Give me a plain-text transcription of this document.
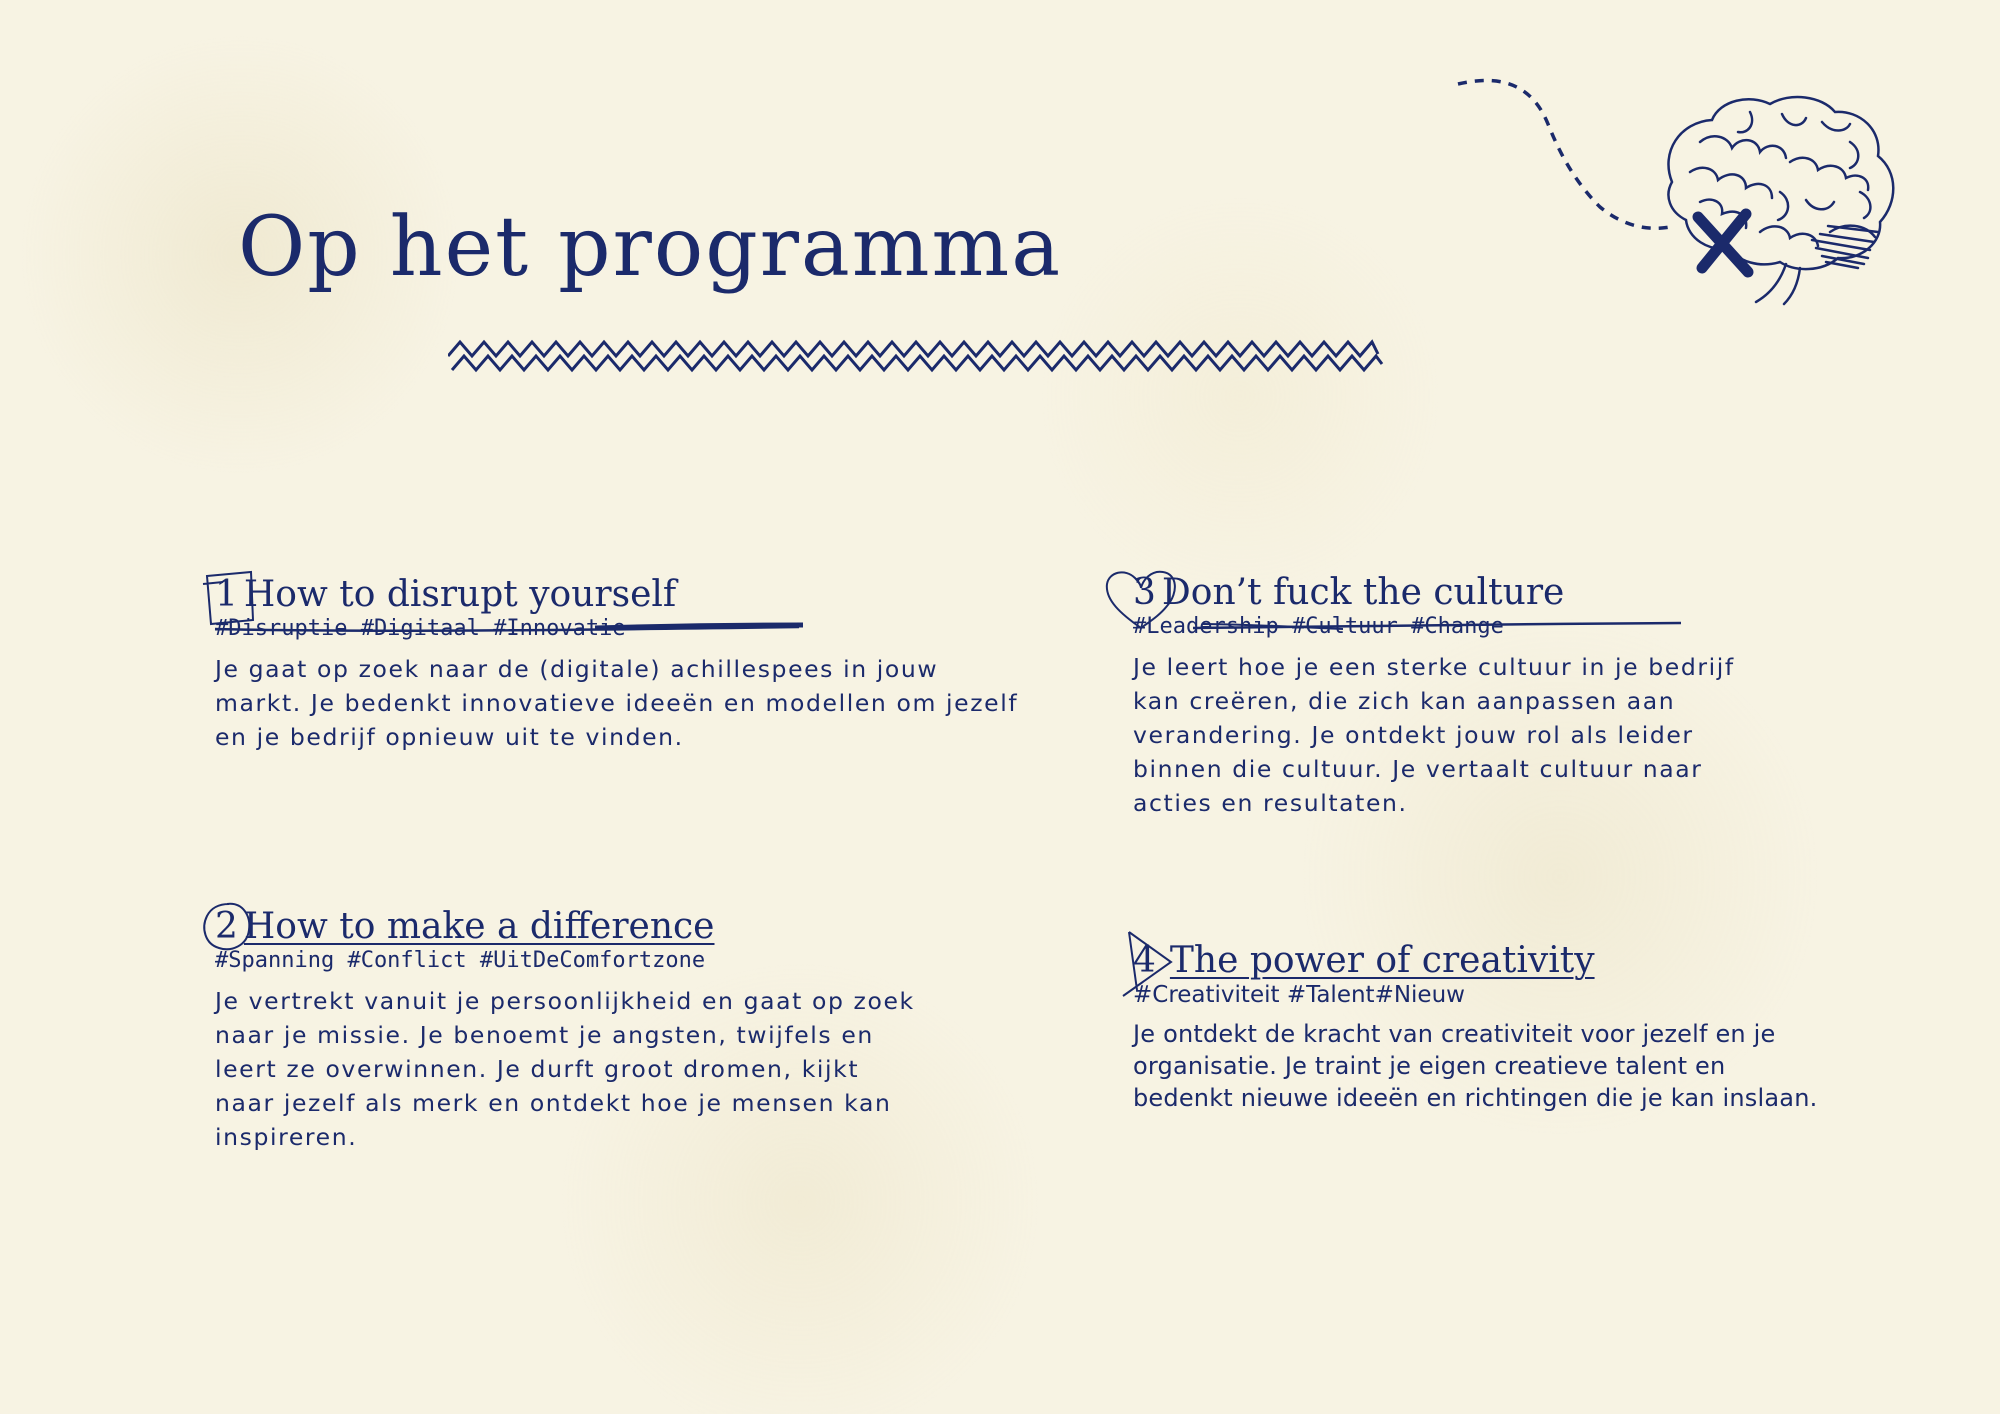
Op het programma
1 How to disrupt yourself
#Disruptie #Digitaal #Innovatie

Je gaat op zoek naar de (digitale) achillespees in jouw
markt. Je bedenkt innovatieve ideeën en modellen om jezelf
en je bedrijf opnieuw uit te vinden.

2 How to make a difference
#Spanning #Conflict #UitDeComfortzone

Je vertrekt vanuit je persoonlijkheid en gaat op zoek
naar je missie. Je benoemt je angsten, twijfels en
leert ze overwinnen. Je durft groot dromen, kijkt
naar jezelf als merk en ontdekt hoe je mensen kan
inspireren.

3 Don’t fuck the culture
#Leadership #Cultuur #Change

Je leert hoe je een sterke cultuur in je bedrijf
kan creëren, die zich kan aanpassen aan
verandering. Je ontdekt jouw rol als leider
binnen die cultuur. Je vertaalt cultuur naar
acties en resultaten.

4 The power of creativity
#Creativiteit #Talent#Nieuw

Je ontdekt de kracht van creativiteit voor jezelf en je
organisatie. Je traint je eigen creatieve talent en
bedenkt nieuwe ideeën en richtingen die je kan inslaan.
